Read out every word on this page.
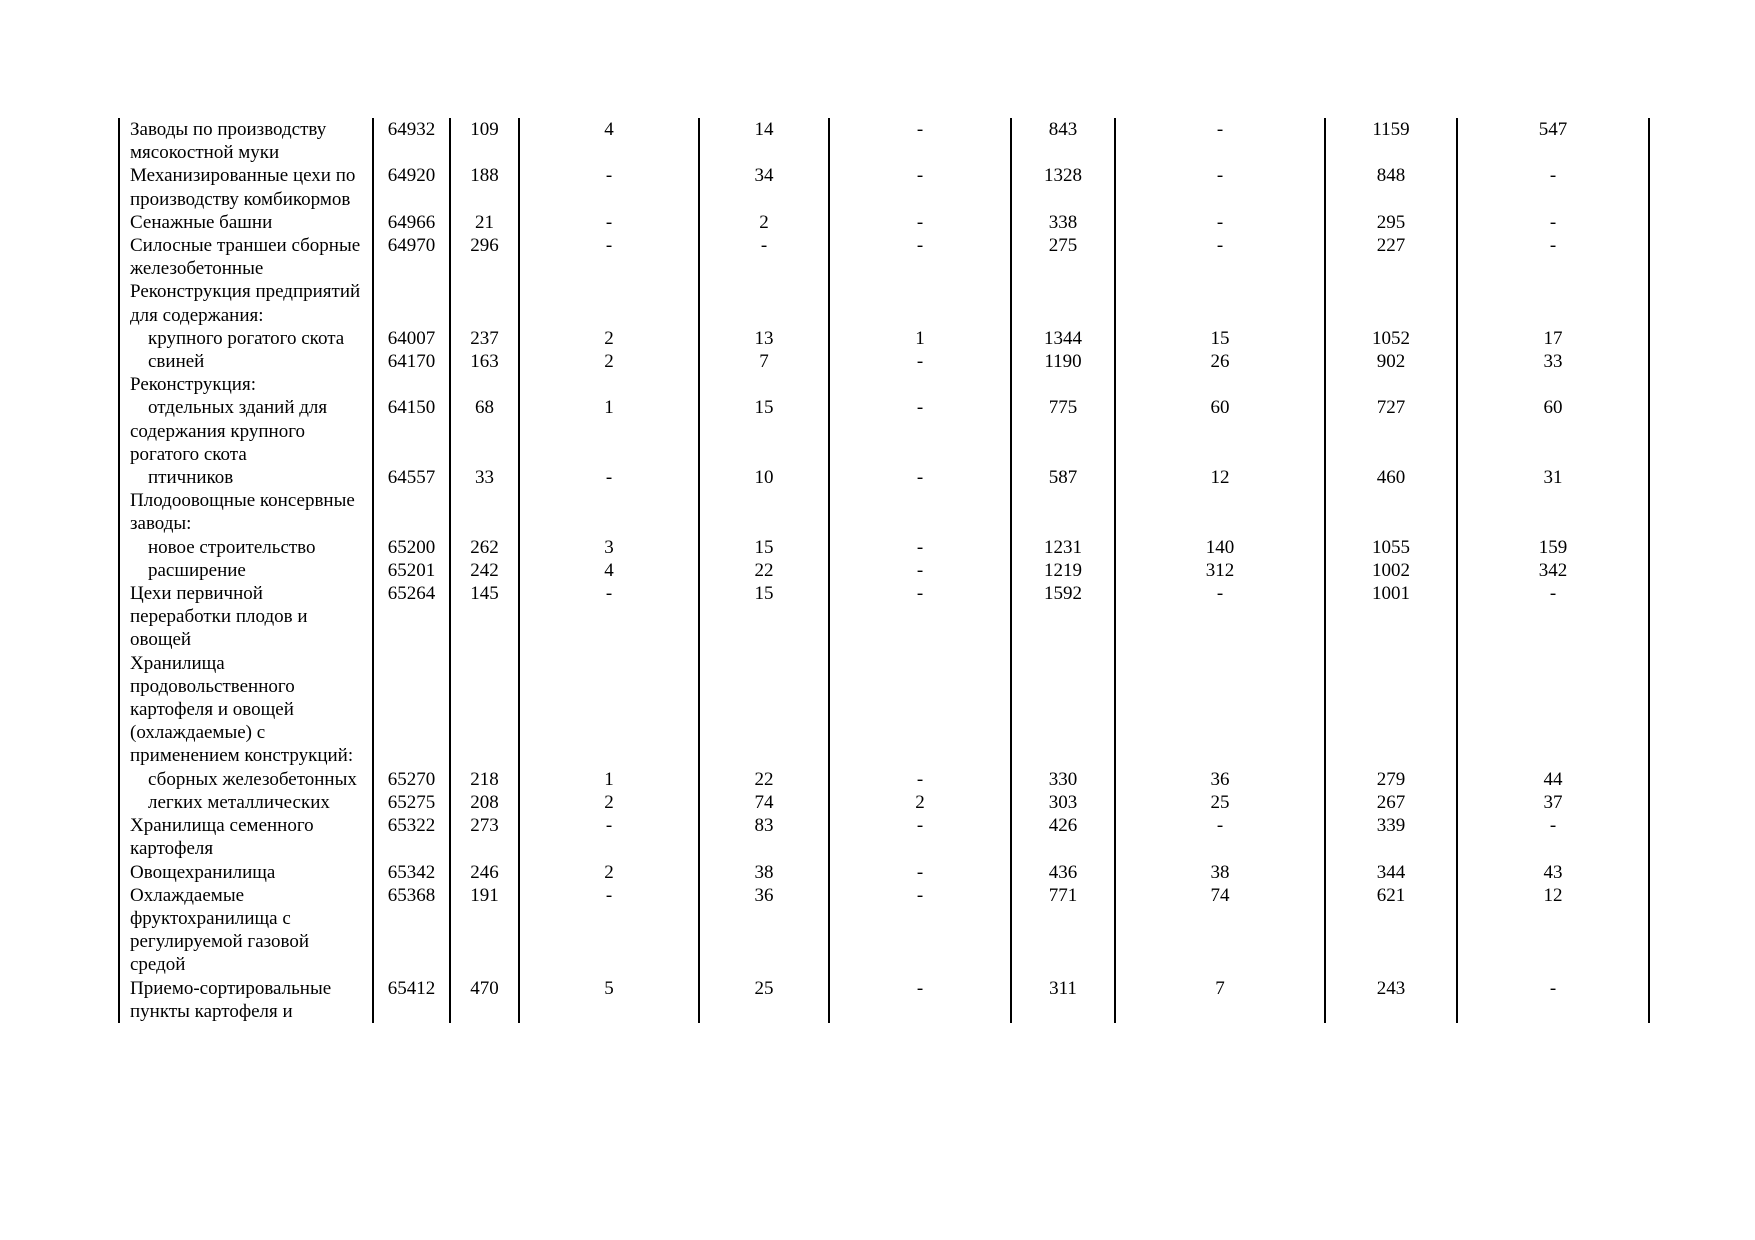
Заводы по производству мясокостной муки	64932	109	4	14	-	843	-	1159	547
Механизированные цехи по производству комбикормов	64920	188	-	34	-	1328	-	848	-
Сенажные башни	64966	21	-	2	-	338	-	295	-
Силосные траншеи сборные железобетонные	64970	296	-	-	-	275	-	227	-
Реконструкция предприятий для содержания:									
крупного рогатого скота	64007	237	2	13	1	1344	15	1052	17
свиней	64170	163	2	7	-	1190	26	902	33
Реконструкция:									
отдельных зданий для содержания крупного рогатого скота	64150	68	1	15	-	775	60	727	60
птичников	64557	33	-	10	-	587	12	460	31
Плодоовощные консервные заводы:									
новое строительство	65200	262	3	15	-	1231	140	1055	159
расширение	65201	242	4	22	-	1219	312	1002	342
Цехи первичной переработки плодов и овощей	65264	145	-	15	-	1592	-	1001	-
Хранилища продовольственного картофеля и овощей (охлаждаемые) с применением конструкций:									
сборных железобетонных	65270	218	1	22	-	330	36	279	44
легких металлических	65275	208	2	74	2	303	25	267	37
Хранилища семенного картофеля	65322	273	-	83	-	426	-	339	-
Овощехранилища	65342	246	2	38	-	436	38	344	43
Охлаждаемые фруктохранилища с регулируемой газовой средой	65368	191	-	36	-	771	74	621	12
Приемо-сортировальные пункты картофеля и	65412	470	5	25	-	311	7	243	-
